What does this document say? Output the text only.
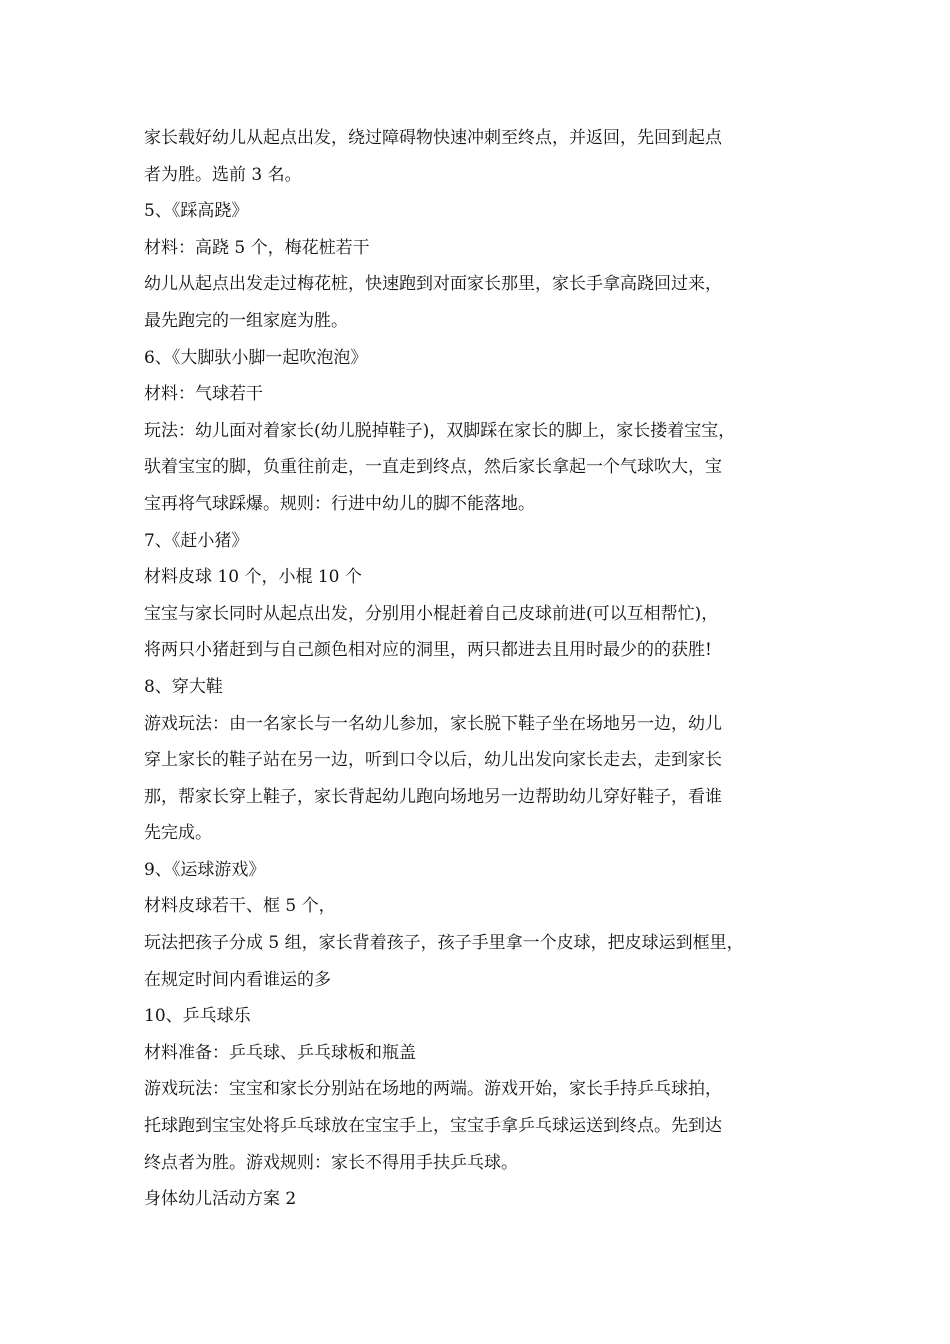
家长载好幼儿从起点出发，绕过障碍物快速冲刺至终点，并返回，先回到起点

者为胜。选前 3 名。

5、《踩高跷》

材料：高跷 5 个，梅花桩若干

幼儿从起点出发走过梅花桩，快速跑到对面家长那里，家长手拿高跷回过来，

最先跑完的一组家庭为胜。

6、《大脚驮小脚一起吹泡泡》

材料：气球若干

玩法：幼儿面对着家长(幼儿脱掉鞋子)，双脚踩在家长的脚上，家长搂着宝宝，

驮着宝宝的脚，负重往前走，一直走到终点，然后家长拿起一个气球吹大，宝

宝再将气球踩爆。规则：行进中幼儿的脚不能落地。

7、《赶小猪》

材料皮球 10 个，小棍 10 个

宝宝与家长同时从起点出发，分别用小棍赶着自己皮球前进(可以互相帮忙)，

将两只小猪赶到与自己颜色相对应的洞里，两只都进去且用时最少的的获胜!

8、穿大鞋

游戏玩法：由一名家长与一名幼儿参加，家长脱下鞋子坐在场地另一边，幼儿

穿上家长的鞋子站在另一边，听到口令以后，幼儿出发向家长走去，走到家长

那，帮家长穿上鞋子，家长背起幼儿跑向场地另一边帮助幼儿穿好鞋子，看谁

先完成。

9、《运球游戏》

材料皮球若干、框 5 个，

玩法把孩子分成 5 组，家长背着孩子，孩子手里拿一个皮球，把皮球运到框里，

在规定时间内看谁运的多

10、乒乓球乐

材料准备：乒乓球、乒乓球板和瓶盖

游戏玩法：宝宝和家长分别站在场地的两端。游戏开始，家长手持乒乓球拍，

托球跑到宝宝处将乒乓球放在宝宝手上，宝宝手拿乒乓球运送到终点。先到达

终点者为胜。游戏规则：家长不得用手扶乒乓球。

身体幼儿活动方案 2
